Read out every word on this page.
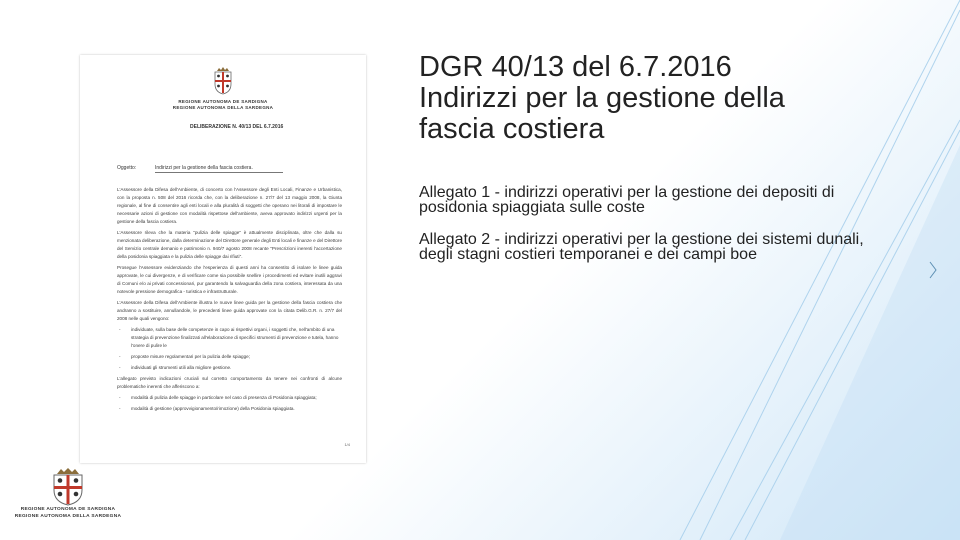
REGIONE AUTONOMA DE SARDIGNA
REGIONE AUTONOMA DELLA SARDEGNA
DELIBERAZIONE N. 40/13 DEL 6.7.2016
Oggetto:	Indirizzi per la gestione della fascia costiera.
L'Assessore della Difesa dell'Ambiente, di concerto con l'Assessore degli Enti Locali, Finanze e Urbanistica, con la proposta n. 508 del 2016 ricorda che, con la deliberazione n. 27/7 del 13 maggio 2008, la Giunta regionale, al fine di consentire agli enti locali e alla pluralità di soggetti che operano nei litorali di impostare le necessarie azioni di gestione con modalità rispettose dell'ambiente, aveva approvato indirizzi urgenti per la gestione della fascia costiera.
L'Assessore rileva che la materia "pulizia delle spiagge" è attualmente disciplinata, oltre che dalla su menzionata deliberazione, dalla determinazione del Direttore generale degli Enti locali e finanze e del Direttore del Servizio centrale demanio e patrimonio n. 940/7 agosto 2008 recante "Prescrizioni inerenti l'accertazione della posidonia spiaggiata e la pulizia delle spiagge dai rifiuti".
Prosegue l'Assessore evidenziando che l'esperienza di questi anni ha consentito di isolare le linee guida approvate, le cui divergenze, e di verificare come sia possibile snellire i procedimenti ed evitare inutili aggravi di Comuni e/o ai privati concessionari, pur garantendo la salvaguardia della zona costiera, interessata da una notevole pressione demografica - turistica e infrastrutturale.
L'Assessore della Difesa dell'Ambiente illustra le nuove linee guida per la gestione della fascia costiera che andranno a sostituire, annullandole, le precedenti linee guida approvate con la citata Delib.G.R. n. 27/7 del 2008 nelle quali vengono:
- individuate, sulla base delle competenze in capo ai rispettivi organi, i soggetti che, nell'ambito di una strategia di prevenzione finalizzati all'elaborazione di specifici strumenti di prevenzione e tutela, hanno l'onere di pulire le
- proposte misure regolamentari per la pulizia delle spiagge;
- individuati gli strumenti utili alla migliore gestione.
L'allegato previsto indicazioni cruciali sul corretto comportamento da tenere nei confronti di alcune problematiche inerenti che afferiscono a:
- modalità di pulizia delle spiagge in particolare nel caso di presenza di Posidonia spiaggiata;
- modalità di gestione (approvvigionamento/rimozione) della Posidonia spiaggiata.
1/4
REGIONE AUTONOMA DE SARDIGNA
REGIONE AUTONOMA DELLA SARDEGNA
DGR 40/13 del 6.7.2016
Indirizzi per la gestione della
fascia costiera
Allegato 1 - indirizzi operativi per la gestione dei depositi di posidonia spiaggiata sulle coste
Allegato 2 - indirizzi operativi per la gestione dei sistemi dunali, degli stagni costieri temporanei e dei campi boe
